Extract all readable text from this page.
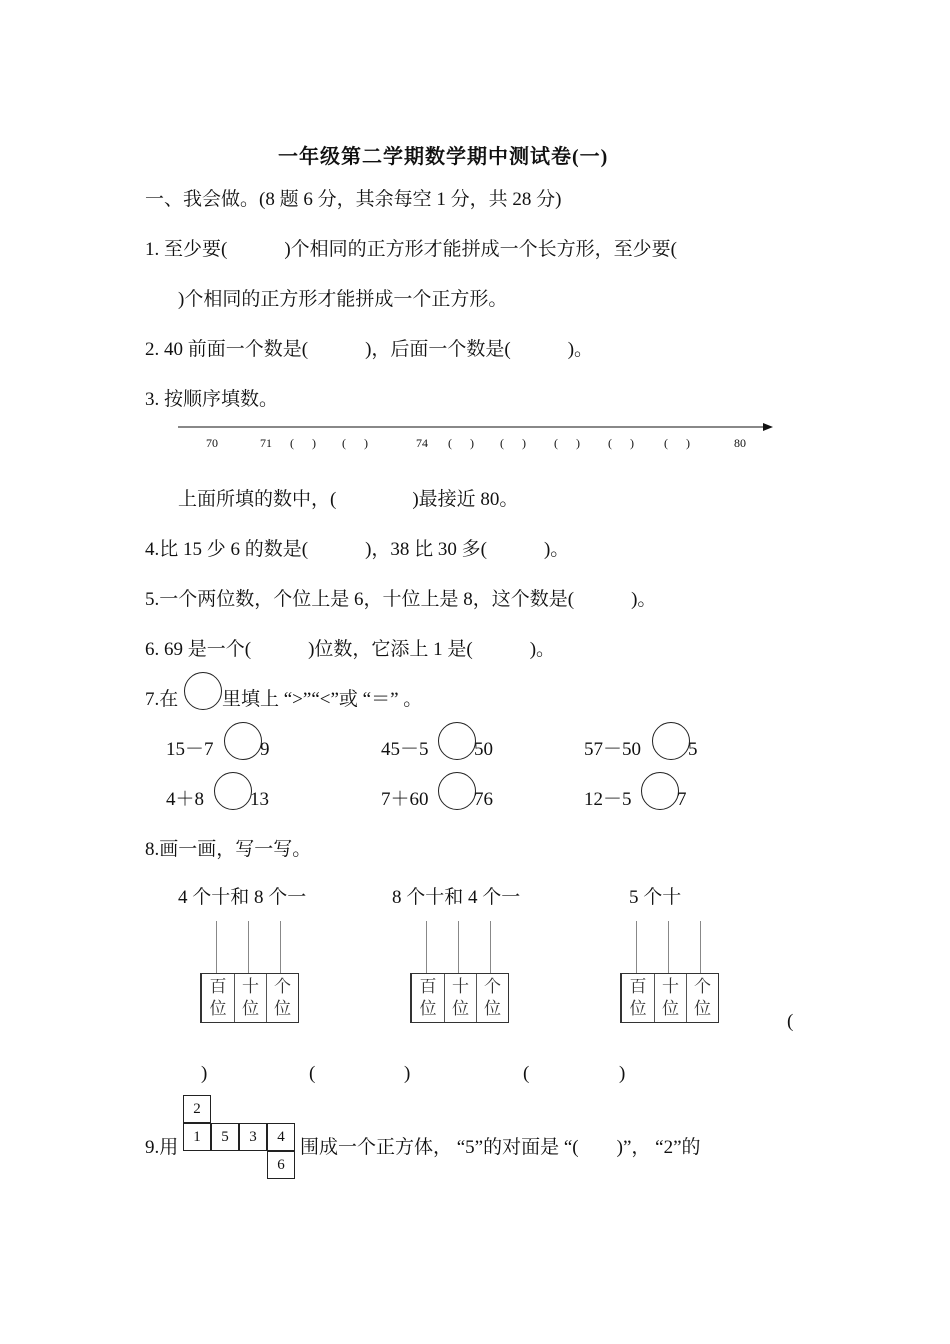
一年级第二学期数学期中测试卷(一)
一、我会做。(8 题 6 分，其余每空 1 分，共 28 分)
1. 至少要(            )个相同的正方形才能拼成一个长方形，至少要(
)个相同的正方形才能拼成一个正方形。
2. 40 前面一个数是(            )，后面一个数是(            )。
3. 按顺序填数。
70	71 (      ) (      )	74 (      ) (      ) (      ) (      )	(      )	80
上面所填的数中，(                )最接近 80。
4.比 15 少 6 的数是(            )，38 比 30 多(            )。
5.一个两位数，个位上是 6，十位上是 8，这个数是(            )。
6. 69 是一个(            )位数，它添上 1 是(            )。
7.在 里填上 “>”“<”或 “＝” 。
15－7 9	45－5 50	57－50 5
4＋8 13	7＋60 76	12－5 7
8.画一画，写一写。
4 个十和 8 个一
百
位
十
位
个
位
8 个十和 4 个一
百
位
十
位
个
位
5 个十
百
位
十
位
个
位
(
)	(	)	(	)
9.用
2
1	5	3	4
6
围成一个正方体， “5”的对面是 “(        )”， “2”的
